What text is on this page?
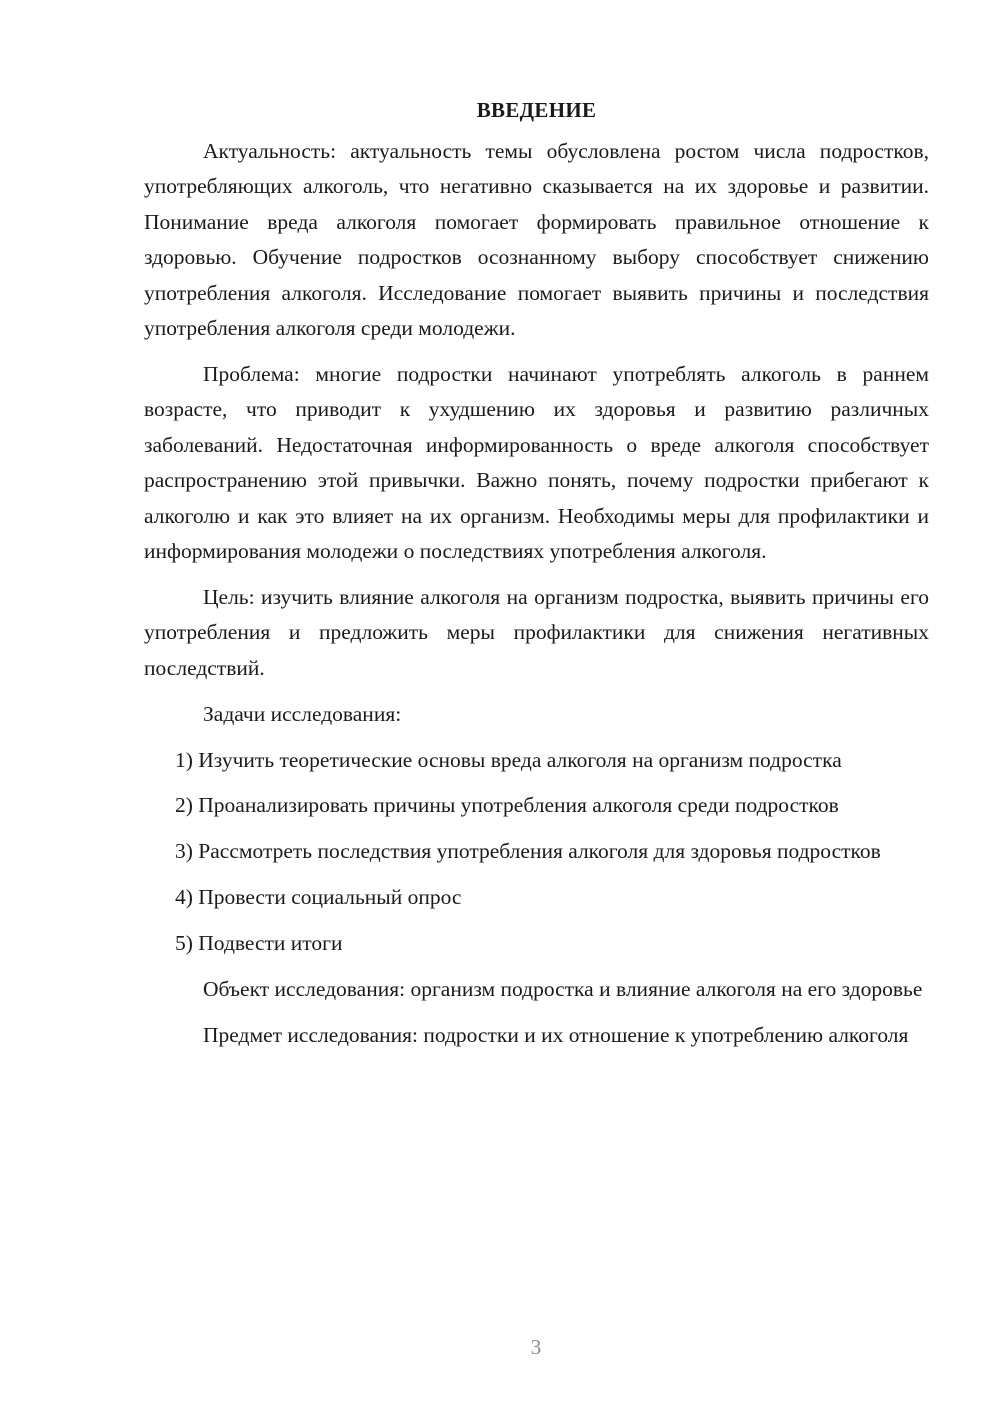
ВВЕДЕНИЕ

Актуальность: актуальность темы обусловлена ростом числа подростков, употребляющих алкоголь, что негативно сказывается на их здоровье и развитии. Понимание вреда алкоголя помогает формировать правильное отношение к здоровью. Обучение подростков осознанному выбору способствует снижению употребления алкоголя. Исследование помогает выявить причины и последствия употребления алкоголя среди молодежи.

Проблема: многие подростки начинают употреблять алкоголь в раннем возрасте, что приводит к ухудшению их здоровья и развитию различных заболеваний. Недостаточная информированность о вреде алкоголя способствует распространению этой привычки. Важно понять, почему подростки прибегают к алкоголю и как это влияет на их организм. Необходимы меры для профилактики и информирования молодежи о последствиях употребления алкоголя.

Цель: изучить влияние алкоголя на организм подростка, выявить причины его употребления и предложить меры профилактики для снижения негативных последствий.

Задачи исследования:

1) Изучить теоретические основы вреда алкоголя на организм подростка

2) Проанализировать причины употребления алкоголя среди подростков

3) Рассмотреть последствия употребления алкоголя для здоровья подростков

4) Провести социальный опрос

5) Подвести итоги

Объект исследования: организм подростка и влияние алкоголя на его здоровье

Предмет исследования: подростки и их отношение к употреблению алкоголя

3
